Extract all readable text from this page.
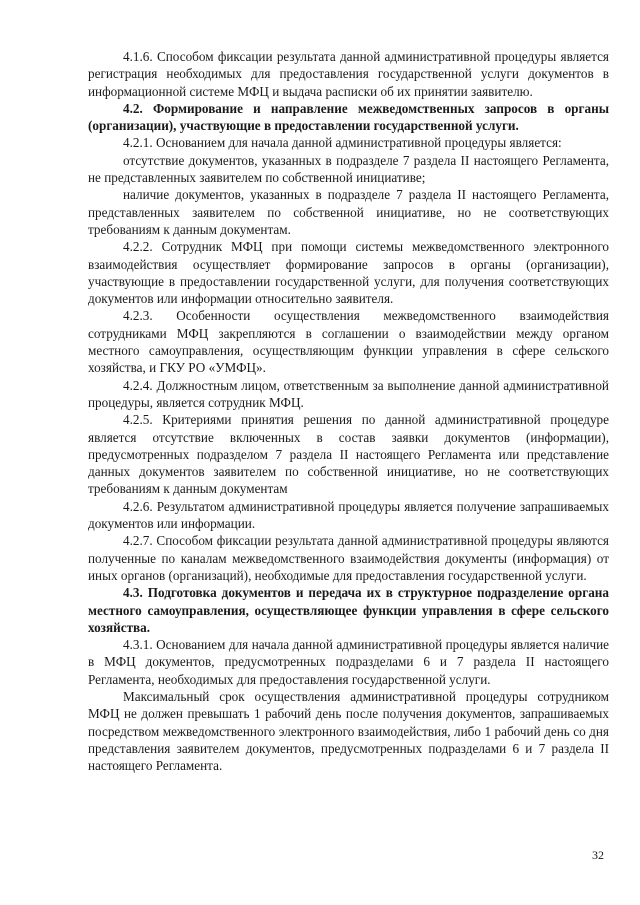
4.1.6. Способом фиксации результата данной административной процедуры является регистрация необходимых для предоставления государственной услуги документов в информационной системе МФЦ и выдача расписки об их принятии заявителю.

4.2. Формирование и направление межведомственных запросов в органы (организации), участвующие в предоставлении государственной услуги.

4.2.1. Основанием для начала данной административной процедуры является:

отсутствие документов, указанных в подразделе 7 раздела II настоящего Регламента, не представленных заявителем по собственной инициативе;

наличие документов, указанных в подразделе 7 раздела II настоящего Регламента, представленных заявителем по собственной инициативе, но не соответствующих требованиям к данным документам.

4.2.2. Сотрудник МФЦ при помощи системы межведомственного электронного взаимодействия осуществляет формирование запросов в органы (организации), участвующие в предоставлении государственной услуги, для получения соответствующих документов или информации относительно заявителя.

4.2.3. Особенности осуществления межведомственного взаимодействия сотрудниками МФЦ закрепляются в соглашении о взаимодействии между органом местного самоуправления, осуществляющим функции управления в сфере сельского хозяйства, и ГКУ РО «УМФЦ».

4.2.4. Должностным лицом, ответственным за выполнение данной административной процедуры, является сотрудник МФЦ.

4.2.5. Критериями принятия решения по данной административной процедуре является отсутствие включенных в состав заявки документов (информации), предусмотренных подразделом 7 раздела II настоящего Регламента или представление данных документов заявителем по собственной инициативе, но не соответствующих требованиям к данным документам

4.2.6. Результатом административной процедуры является получение запрашиваемых документов или информации.

4.2.7. Способом фиксации результата данной административной процедуры являются полученные по каналам межведомственного взаимодействия документы (информация) от иных органов (организаций), необходимые для предоставления государственной услуги.

4.3. Подготовка документов и передача их в структурное подразделение органа местного самоуправления, осуществляющее функции управления в сфере сельского хозяйства.

4.3.1. Основанием для начала данной административной процедуры является наличие в МФЦ документов, предусмотренных подразделами 6 и 7 раздела II настоящего Регламента, необходимых для предоставления государственной услуги.

Максимальный срок осуществления административной процедуры сотрудником МФЦ не должен превышать 1 рабочий день после получения документов, запрашиваемых посредством межведомственного электронного взаимодействия, либо 1 рабочий день со дня представления заявителем документов, предусмотренных подразделами 6 и 7 раздела II настоящего Регламента.

32
